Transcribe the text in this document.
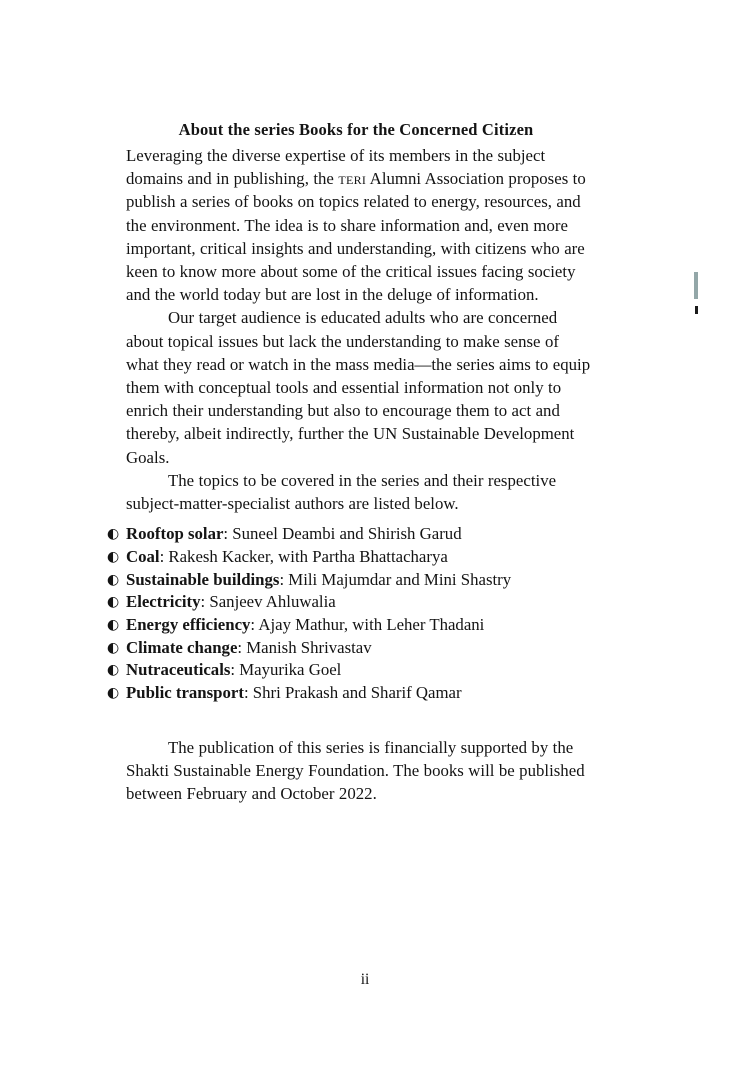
About the series Books for the Concerned Citizen

Leveraging the diverse expertise of its members in the subject domains and in publishing, the teri Alumni Association proposes to publish a series of books on topics related to energy, resources, and the environment. The idea is to share information and, even more important, critical insights and understanding, with citizens who are keen to know more about some of the critical issues facing society and the world today but are lost in the deluge of information.

Our target audience is educated adults who are concerned about topical issues but lack the understanding to make sense of what they read or watch in the mass media—the series aims to equip them with conceptual tools and essential information not only to enrich their understanding but also to encourage them to act and thereby, albeit indirectly, further the UN Sustainable Development Goals.

The topics to be covered in the series and their respective subject-matter-specialist authors are listed below.

◐ Rooftop solar: Suneel Deambi and Shirish Garud
◐ Coal: Rakesh Kacker, with Partha Bhattacharya
◐ Sustainable buildings: Mili Majumdar and Mini Shastry
◐ Electricity: Sanjeev Ahluwalia
◐ Energy efficiency: Ajay Mathur, with Leher Thadani
◐ Climate change: Manish Shrivastav
◐ Nutraceuticals: Mayurika Goel
◐ Public transport: Shri Prakash and Sharif Qamar

The publication of this series is financially supported by the Shakti Sustainable Energy Foundation. The books will be published between February and October 2022.

ii
